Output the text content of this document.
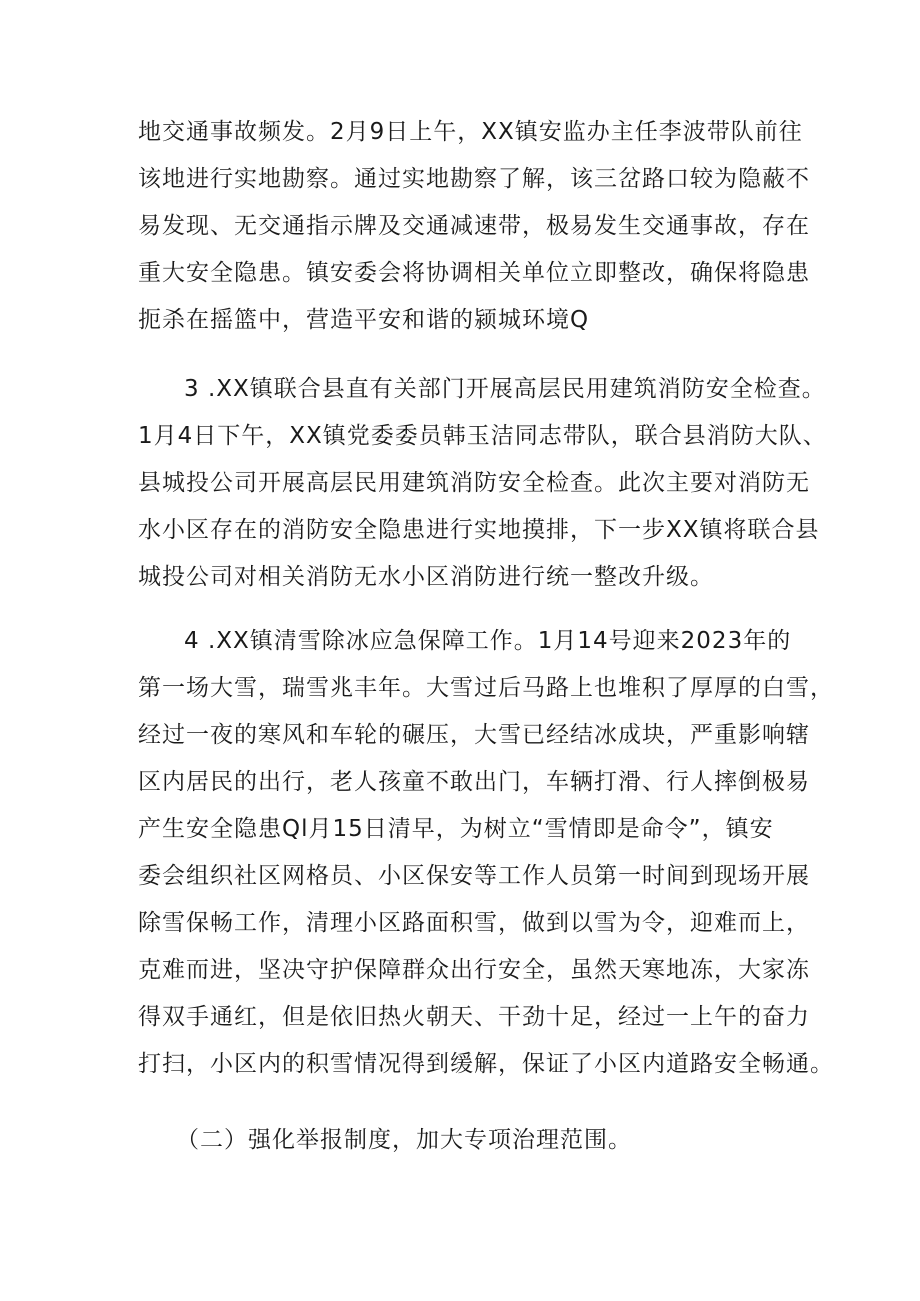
地交通事故频发。2月9日上午，XX镇安监办主任李波带队前往
该地进行实地勘察。通过实地勘察了解，该三岔路口较为隐蔽不
易发现、无交通指示牌及交通减速带，极易发生交通事故，存在
重大安全隐患。镇安委会将协调相关单位立即整改，确保将隐患
扼杀在摇篮中，营造平安和谐的颍城环境Q
3 .XX镇联合县直有关部门开展高层民用建筑消防安全检查。
1月4日下午，XX镇党委委员韩玉洁同志带队，联合县消防大队、
县城投公司开展高层民用建筑消防安全检查。此次主要对消防无
水小区存在的消防安全隐患进行实地摸排，下一步XX镇将联合县
城投公司对相关消防无水小区消防进行统一整改升级。
4 .XX镇清雪除冰应急保障工作。1月14号迎来2023年的
第一场大雪，瑞雪兆丰年。大雪过后马路上也堆积了厚厚的白雪，
经过一夜的寒风和车轮的碾压，大雪已经结冰成块，严重影响辖
区内居民的出行，老人孩童不敢出门，车辆打滑、行人摔倒极易
产生安全隐患Ql月15日清早，为树立“雪情即是命令”，镇安
委会组织社区网格员、小区保安等工作人员第一时间到现场开展
除雪保畅工作，清理小区路面积雪，做到以雪为令，迎难而上，
克难而进，坚决守护保障群众出行安全，虽然天寒地冻，大家冻
得双手通红，但是依旧热火朝天、干劲十足，经过一上午的奋力
打扫，小区内的积雪情况得到缓解，保证了小区内道路安全畅通。
（二）强化举报制度，加大专项治理范围。
